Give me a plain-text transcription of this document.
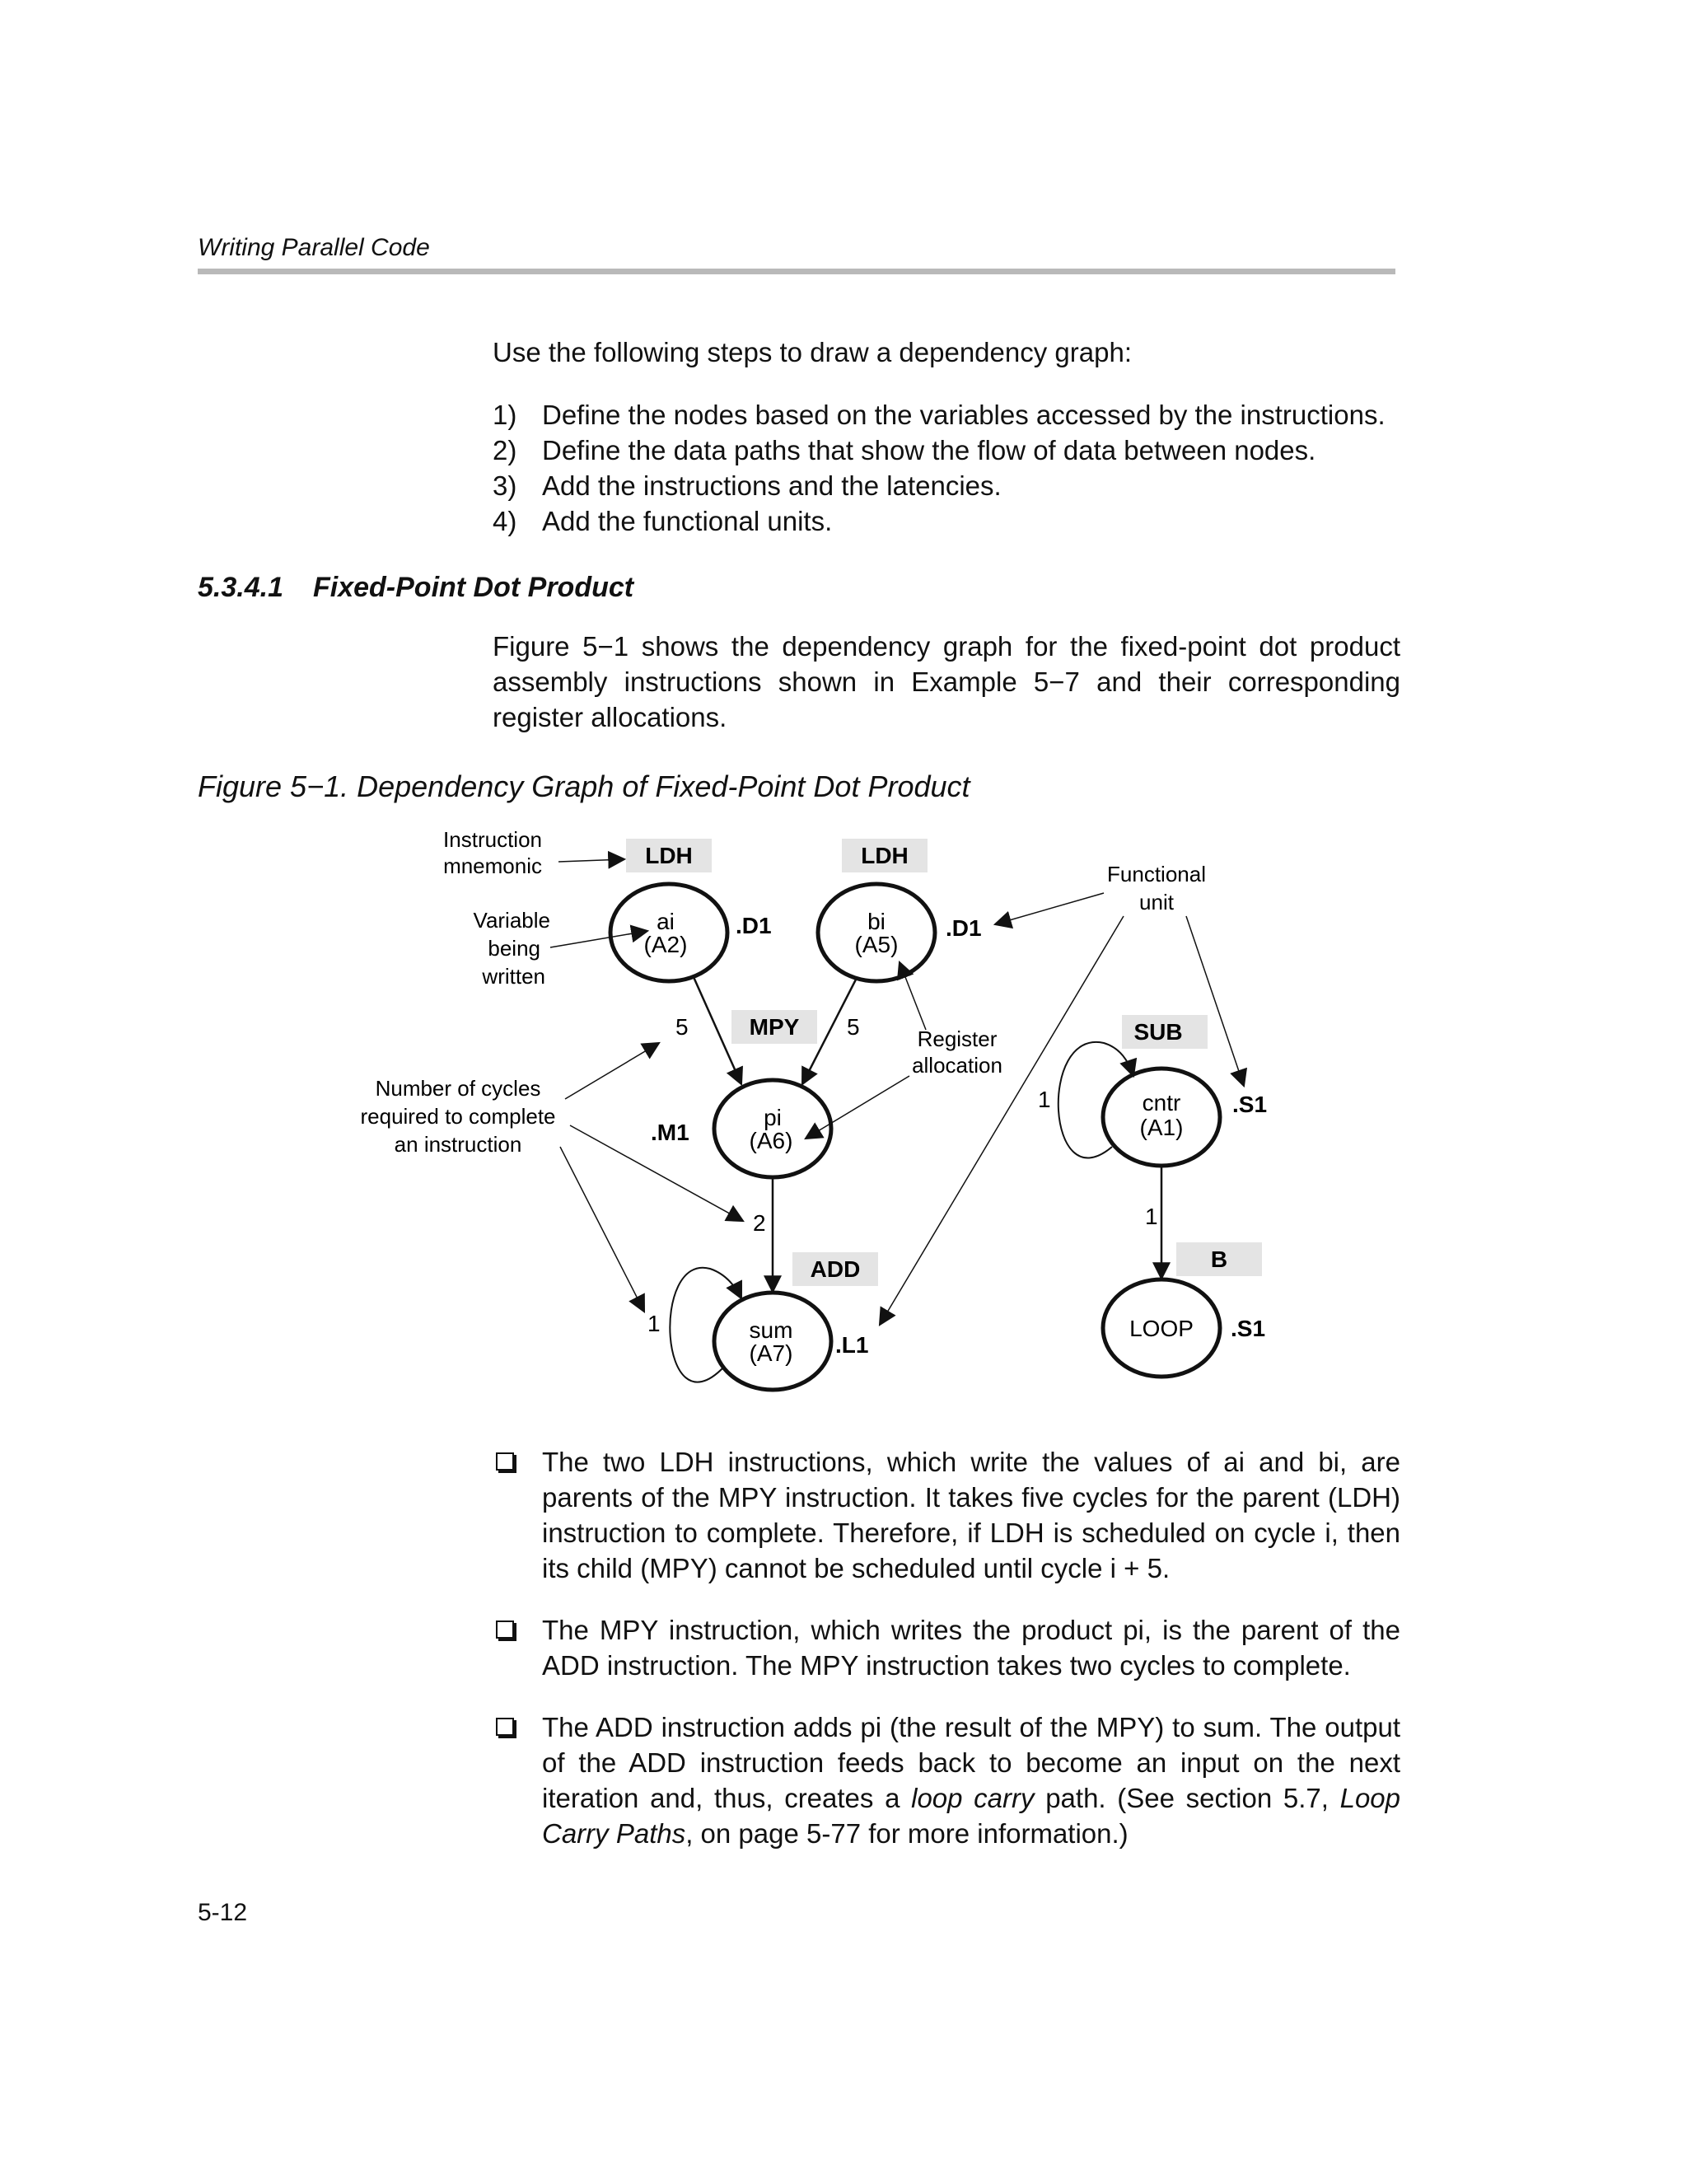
Writing Parallel Code
Use the following steps to draw a dependency graph:
1) Define the nodes based on the variables accessed by the instructions.
2) Define the data paths that show the flow of data between nodes.
3) Add the instructions and the latencies.
4) Add the functional units.
5.3.4.1 Fixed-Point Dot Product
Figure 5−1 shows the dependency graph for the fixed-point dot product assembly instructions shown in Example 5−7 and their corresponding register allocations.
Figure 5−1. Dependency Graph of Fixed-Point Dot Product
LDH	LDH
MPY
ADD
SUB
B
ai
(A2)
bi
(A5)
pi
(A6)
sum
(A7)
cntr
(A1)
LOOP
.D1	.D1
.M1
.L1
.S1
.S1
5	5
2
1
1
1
Instruction
mnemonic
Variable
being
written
Functional
unit
Register
allocation
Number of cycles
required to complete
an instruction
The two LDH instructions, which write the values of ai and bi, are parents of the MPY instruction. It takes five cycles for the parent (LDH) instruction to complete. Therefore, if LDH is scheduled on cycle i, then its child (MPY) cannot be scheduled until cycle i + 5.
The MPY instruction, which writes the product pi, is the parent of the ADD instruction. The MPY instruction takes two cycles to complete.
The ADD instruction adds pi (the result of the MPY) to sum. The output of the ADD instruction feeds back to become an input on the next iteration and, thus, creates a loop carry path. (See section 5.7, Loop Carry Paths, on page 5-77 for more information.)
5-12
